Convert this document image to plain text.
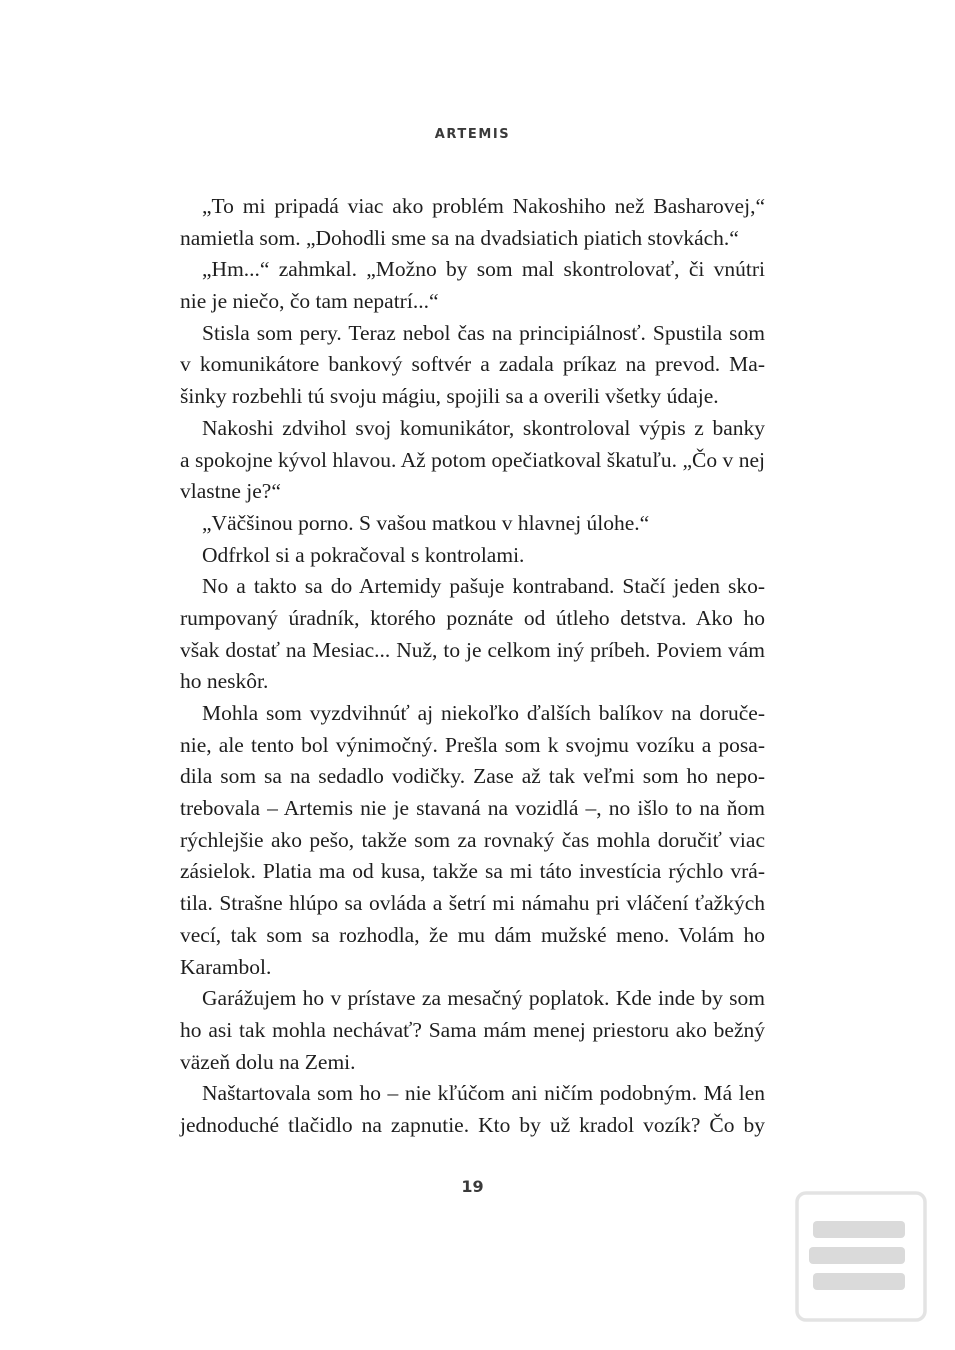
ARTEMIS
„To mi pripadá viac ako problém Nakoshiho než Basharovej,“
namietla som. „Dohodli sme sa na dvadsiatich piatich stovkách.“
„Hm...“ zahmkal. „Možno by som mal skontrolovať, či vnútri
nie je niečo, čo tam nepatrí...“
Stisla som pery. Teraz nebol čas na principiálnosť. Spustila som
v komunikátore bankový softvér a zadala príkaz na prevod. Ma-
šinky rozbehli tú svoju mágiu, spojili sa a overili všetky údaje.
Nakoshi zdvihol svoj komunikátor, skontroloval výpis z banky
a spokojne kývol hlavou. Až potom opečiatkoval škatuľu. „Čo v nej
vlastne je?“
„Väčšinou porno. S vašou matkou v hlavnej úlohe.“
Odfrkol si a pokračoval s kontrolami.
No a takto sa do Artemidy pašuje kontraband. Stačí jeden sko-
rumpovaný úradník, ktorého poznáte od útleho detstva. Ako ho
však dostať na Mesiac... Nuž, to je celkom iný príbeh. Poviem vám
ho neskôr.
Mohla som vyzdvihnúť aj niekoľko ďalších balíkov na doruče-
nie, ale tento bol výnimočný. Prešla som k svojmu vozíku a posa-
dila som sa na sedadlo vodičky. Zase až tak veľmi som ho nepo-
trebovala – Artemis nie je stavaná na vozidlá –, no išlo to na ňom
rýchlejšie ako pešo, takže som za rovnaký čas mohla doručiť viac
zásielok. Platia ma od kusa, takže sa mi táto investícia rýchlo vrá-
tila. Strašne hlúpo sa ovláda a šetrí mi námahu pri vláčení ťažkých
vecí, tak som sa rozhodla, že mu dám mužské meno. Volám ho
Karambol.
Garážujem ho v prístave za mesačný poplatok. Kde inde by som
ho asi tak mohla nechávať? Sama mám menej priestoru ako bežný
väzeň dolu na Zemi.
Naštartovala som ho – nie kľúčom ani ničím podobným. Má len
jednoduché tlačidlo na zapnutie. Kto by už kradol vozík? Čo by
19
